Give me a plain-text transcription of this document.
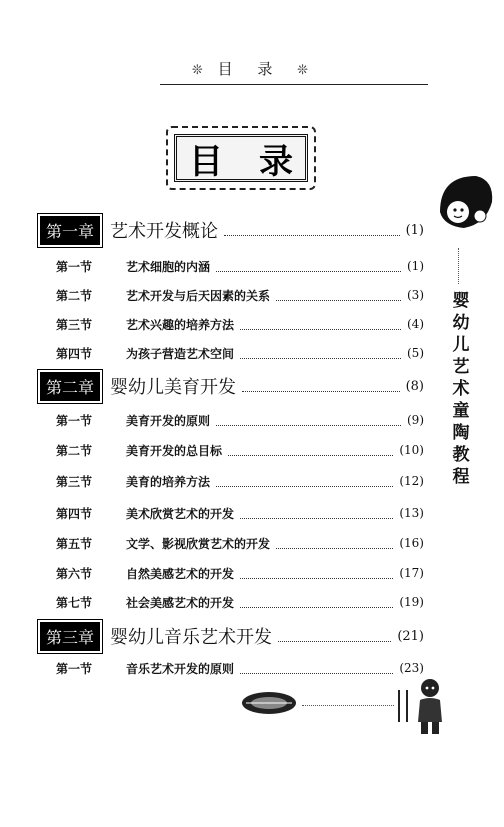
❊ 目 录 ❊
目 录
婴
幼
儿
艺
术
童
陶
教
程
第一章 艺术开发概论	(1)
第一节	艺术细胞的内涵	(1)
第二节	艺术开发与后天因素的关系	(3)
第三节	艺术兴趣的培养方法	(4)
第四节	为孩子营造艺术空间	(5)
第二章 婴幼儿美育开发	(8)
第一节	美育开发的原则	(9)
第二节	美育开发的总目标	(10)
第三节	美育的培养方法	(12)
第四节	美术欣赏艺术的开发	(13)
第五节	文学、影视欣赏艺术的开发	(16)
第六节	自然美感艺术的开发	(17)
第七节	社会美感艺术的开发	(19)
第三章 婴幼儿音乐艺术开发	(21)
第一节	音乐艺术开发的原则	(23)
